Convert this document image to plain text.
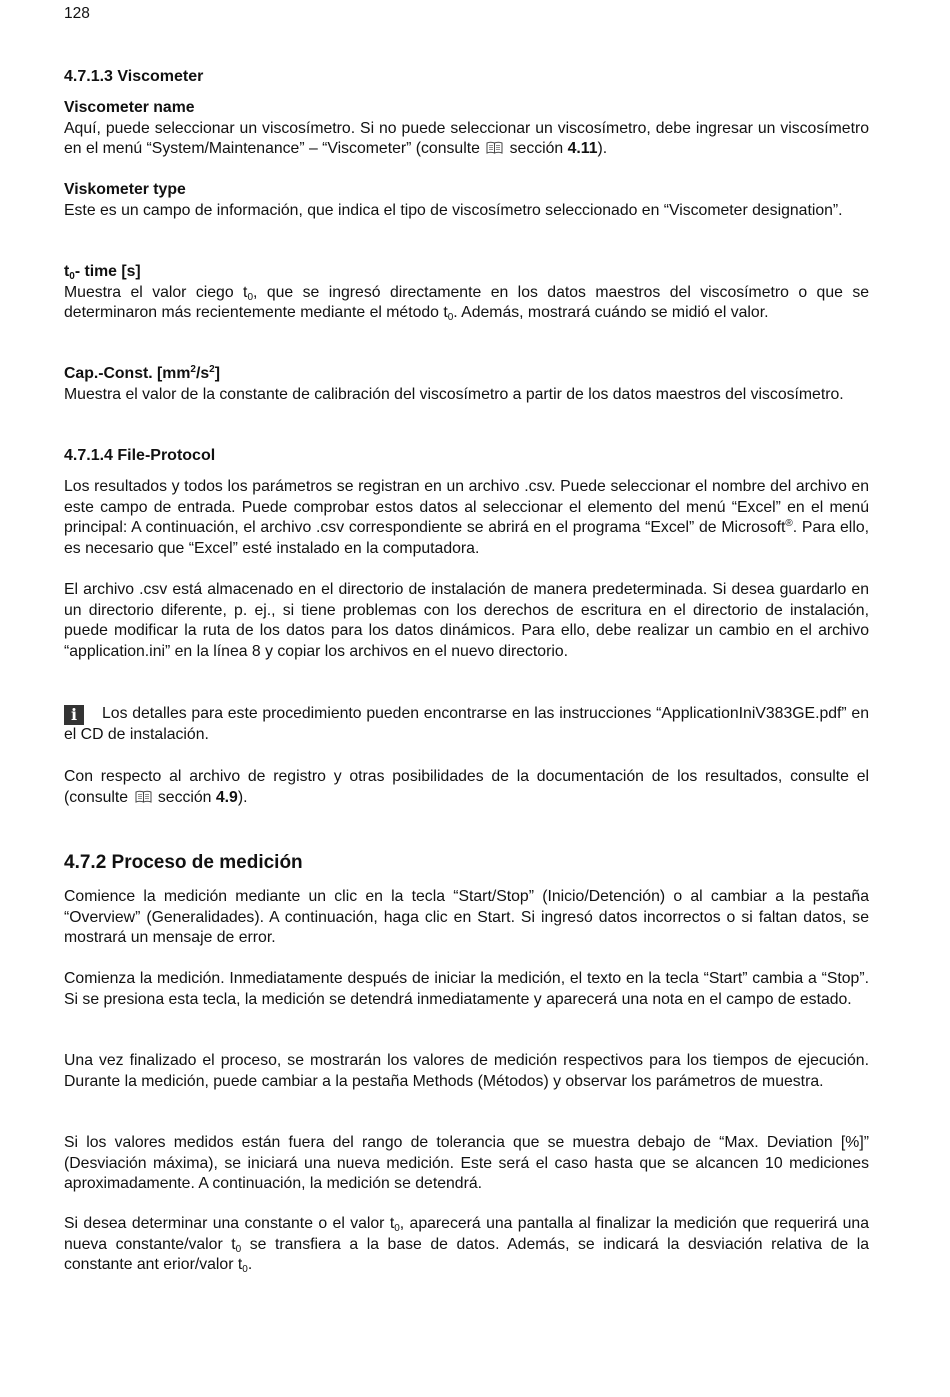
128
4.7.1.3 Viscometer
Viscometer name
Aquí, puede seleccionar un viscosímetro. Si no puede seleccionar un viscosímetro, debe ingresar un viscosímetro en el menú “System/Maintenance” – “Viscometer” (consulte sección 4.11).
Viskometer type
Este es un campo de información, que indica el tipo de viscosímetro seleccionado en “Viscometer designation”.
$t_0-$ time [s]
Muestra el valor ciego $t_0$, que se ingresó directamente en los datos maestros del viscosímetro o que se determinaron más recientemente mediante el método $t_0$. Además, mostrará cuándo se midió el valor.
Cap.-Const. $[mm^2/s^2]$
Muestra el valor de la constante de calibración del viscosímetro a partir de los datos maestros del viscosímetro.
4.7.1.4 File-Protocol
Los resultados y todos los parámetros se registran en un archivo .csv. Puede seleccionar el nombre del archivo en este campo de entrada. Puede comprobar estos datos al seleccionar el elemento del menú “Excel” en el menú principal: A continuación, el archivo .csv correspondiente se abrirá en el programa “Excel” de Microsoft®. Para ello, es necesario que “Excel” esté instalado en la computadora.
El archivo .csv está almacenado en el directorio de instalación de manera predeterminada. Si desea guardarlo en un directorio diferente, p. ej., si tiene problemas con los derechos de escritura en el directorio de instalación, puede modificar la ruta de los datos para los datos dinámicos. Para ello, debe realizar un cambio en el archivo “application.ini” en la línea 8 y copiar los archivos en el nuevo directorio.
i Los detalles para este procedimiento pueden encontrarse en las instrucciones “ApplicationIniV383GE.pdf” en el CD de instalación.
Con respecto al archivo de registro y otras posibilidades de la documentación de los resultados, consulte el (consulte sección 4.9).
4.7.2 Proceso de medición
Comience la medición mediante un clic en la tecla “Start/Stop” (Inicio/Detención) o al cambiar a la pestaña “Overview” (Generalidades). A continuación, haga clic en Start. Si ingresó datos incorrectos o si faltan datos, se mostrará un mensaje de error.
Comienza la medición. Inmediatamente después de iniciar la medición, el texto en la tecla “Start” cambia a “Stop”. Si se presiona esta tecla, la medición se detendrá inmediatamente y aparecerá una nota en el campo de estado.
Una vez finalizado el proceso, se mostrarán los valores de medición respectivos para los tiempos de ejecución. Durante la medición, puede cambiar a la pestaña Methods (Métodos) y observar los parámetros de muestra.
Si los valores medidos están fuera del rango de tolerancia que se muestra debajo de “Max. Deviation [%]” (Desviación máxima), se iniciará una nueva medición. Este será el caso hasta que se alcancen 10 mediciones aproximadamente. A continuación, la medición se detendrá.
Si desea determinar una constante o el valor $t_0$, aparecerá una pantalla al finalizar la medición que requerirá una nueva constante/valor $t_0$ se transfiera a la base de datos. Además, se indicará la desviación relativa de la constante ant erior/valor $t_0$.
